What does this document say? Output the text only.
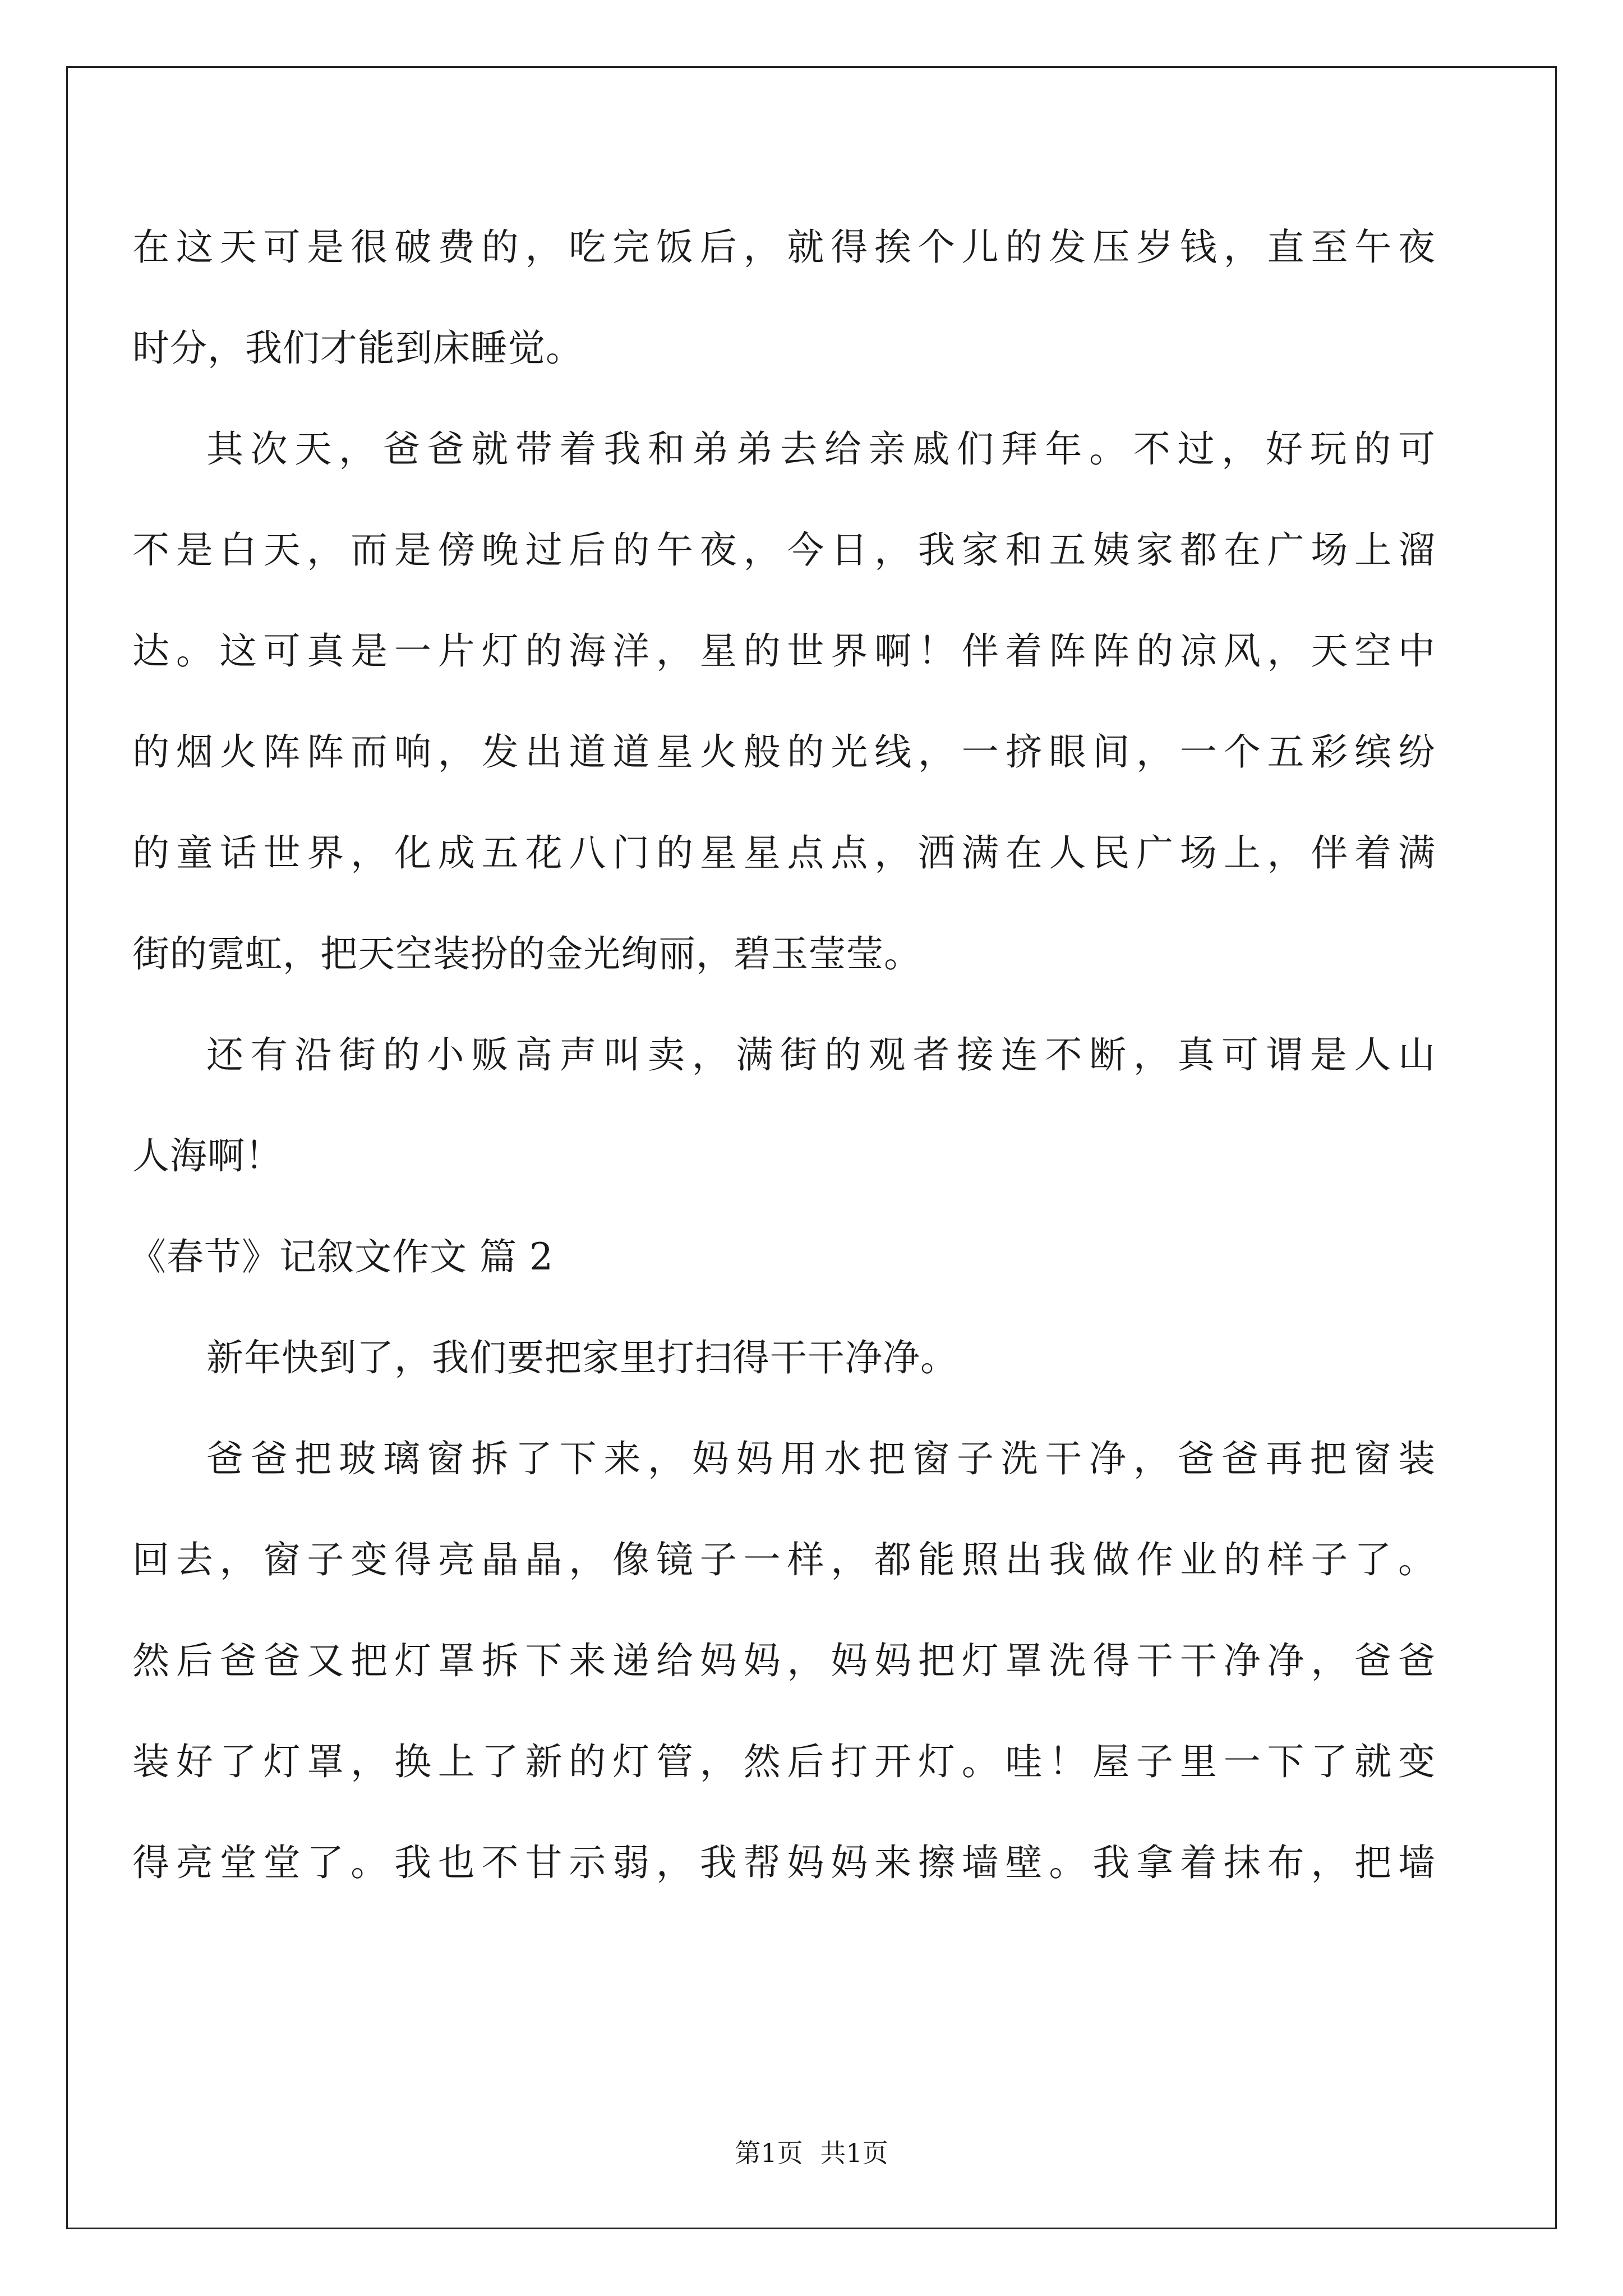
在这天可是很破费的，吃完饭后，就得挨个儿的发压岁钱，直至午夜
时分，我们才能到床睡觉。
其次天，爸爸就带着我和弟弟去给亲戚们拜年。不过，好玩的可
不是白天，而是傍晚过后的午夜，今日，我家和五姨家都在广场上溜
达。这可真是一片灯的海洋，星的世界啊！伴着阵阵的凉风，天空中
的烟火阵阵而响，发出道道星火般的光线，一挤眼间，一个五彩缤纷
的童话世界，化成五花八门的星星点点，洒满在人民广场上，伴着满
街的霓虹，把天空装扮的金光绚丽，碧玉莹莹。
还有沿街的小贩高声叫卖，满街的观者接连不断，真可谓是人山
人海啊！
《春节》记叙文作文 篇 2
新年快到了，我们要把家里打扫得干干净净。
爸爸把玻璃窗拆了下来，妈妈用水把窗子洗干净，爸爸再把窗装
回去，窗子变得亮晶晶，像镜子一样，都能照出我做作业的样子了。
然后爸爸又把灯罩拆下来递给妈妈，妈妈把灯罩洗得干干净净，爸爸
装好了灯罩，换上了新的灯管，然后打开灯。哇！屋子里一下了就变
得亮堂堂了。我也不甘示弱，我帮妈妈来擦墙壁。我拿着抹布，把墙
第1页 共1页
